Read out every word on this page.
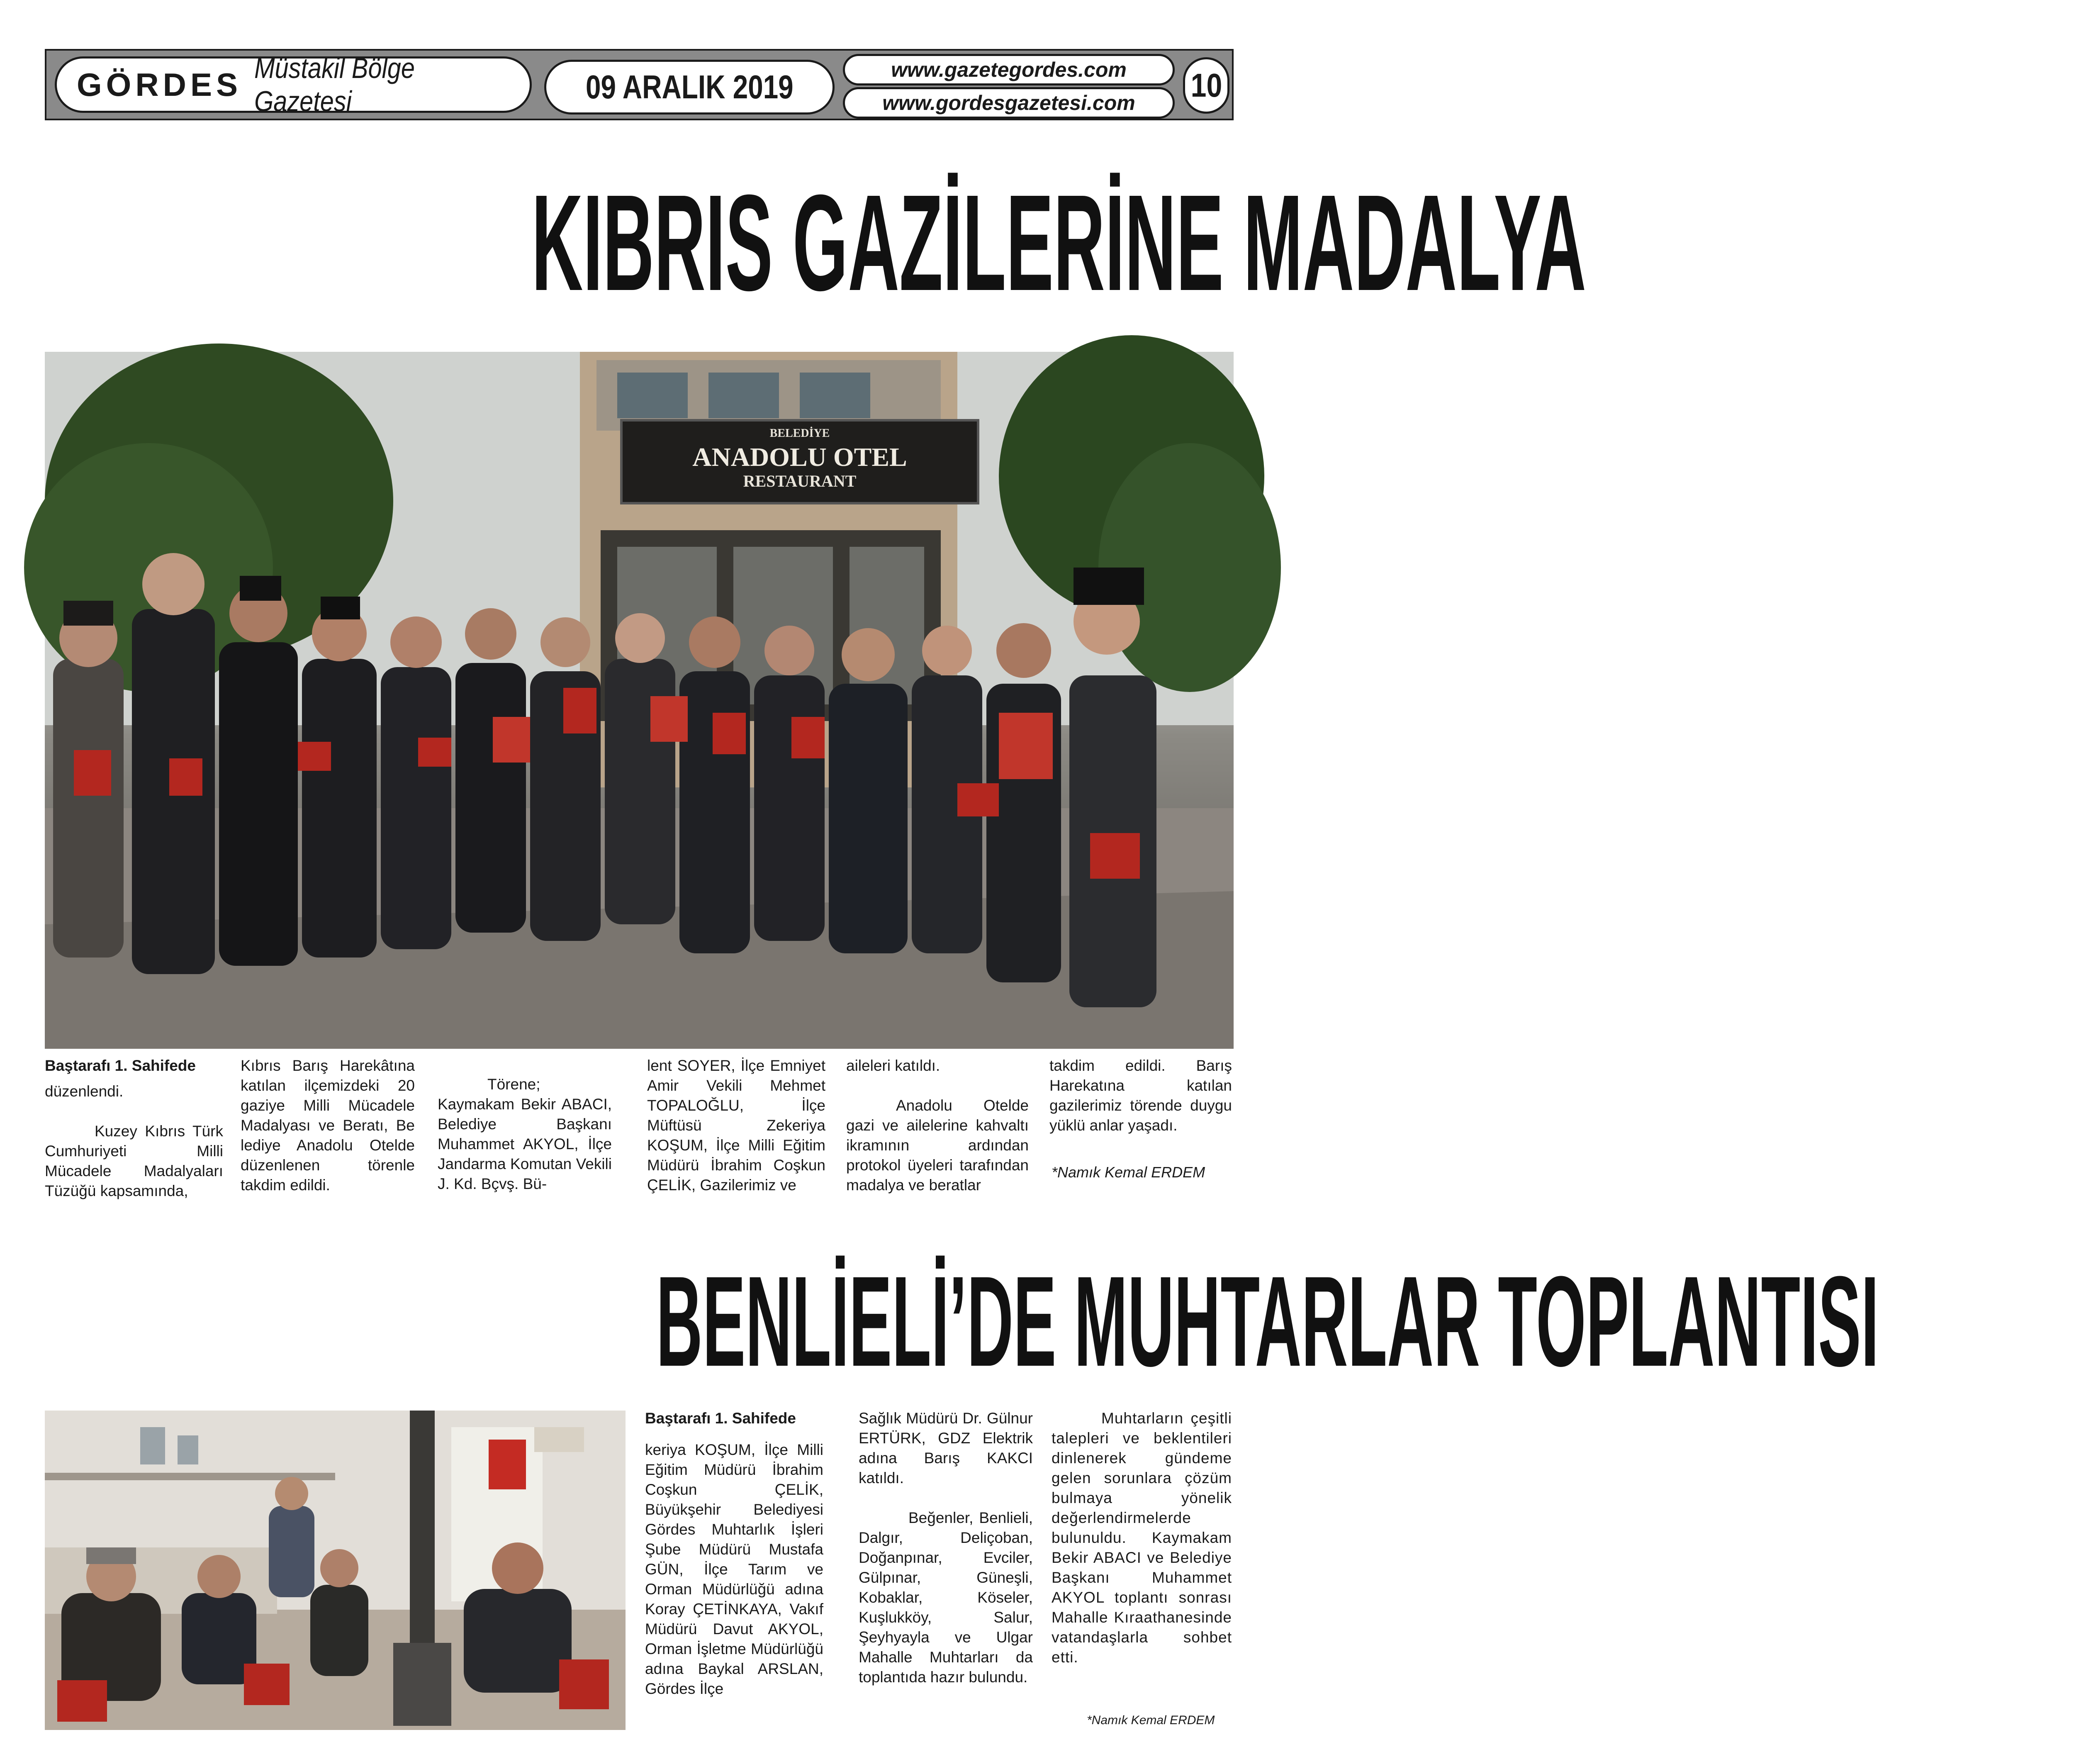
GÖRDES Müstakil Bölge Gazetesi	09 ARALIK 2019	www.gazetegordes.com
www.gordesgazetesi.com 10
KIBRIS GAZİLERİNE MADALYA
BELEDİYE
ANADOLU OTEL
RESTAURANT

Baştarafı 1. Sahifede

düzenlendi.

Kuzey Kıbrıs Türk Cumhuriyeti Milli Mücadele Madalyaları Tüzüğü kapsamında,

Kıbrıs Barış Harekâtına katılan ilçemizdeki 20 gaziye Milli Mücadele Madalyası ve Beratı, Be lediye Anadolu Otelde düzenlenen törenle takdim edildi.

Törene; Kaymakam Bekir ABACI, Belediye Başkanı Muhammet AKYOL, İlçe Jandarma Komutan Vekili J. Kd. Bçvş. Bü-

lent SOYER, İlçe Emniyet Amir Vekili Mehmet TOPALOĞLU, İlçe Müftüsü Zekeriya KOŞUM, İlçe Milli Eğitim Müdürü İbrahim Coşkun ÇELİK, Gazilerimiz ve

aileleri katıldı.

Anadolu Otelde gazi ve ailelerine kahvaltı ikramının ardından protokol üyeleri tarafından madalya ve beratlar

takdim edildi. Barış Harekatına katılan gazilerimiz törende duygu yüklü anlar yaşadı.

*Namık Kemal ERDEM
BENLİELİ’DE MUHTARLAR TOPLANTISI

Baştarafı 1. Sahifede

keriya KOŞUM, İlçe Milli Eğitim Müdürü İbrahim Coşkun ÇELİK, Büyükşehir Belediyesi Gördes Muhtarlık İşleri Şube Müdürü Mustafa GÜN, İlçe Tarım ve Orman Müdürlüğü adına Koray ÇETİNKAYA, Vakıf Müdürü Davut AKYOL, Orman İşletme Müdürlüğü adına Baykal ARSLAN, Gördes İlçe

Sağlık Müdürü Dr. Gülnur ERTÜRK, GDZ Elektrik adına Barış KAKCI katıldı.

Beğenler, Benlieli, Dalgır, Deliçoban, Doğanpınar, Evciler, Gülpınar, Güneşli, Kobaklar, Köseler, Kuşlukköy, Salur, Şeyhyayla ve Ulgar Mahalle Muhtarları da toplantıda hazır bulundu.

Muhtarların çeşitli talepleri ve beklentileri dinlenerek gündeme gelen sorunlara çözüm bulmaya yönelik değerlendirmelerde bulunuldu. Kaymakam Bekir ABACI ve Belediye Başkanı Muhammet AKYOL toplantı sonrası Mahalle Kıraathanesinde vatandaşlarla sohbet etti.

*Namık Kemal ERDEM
